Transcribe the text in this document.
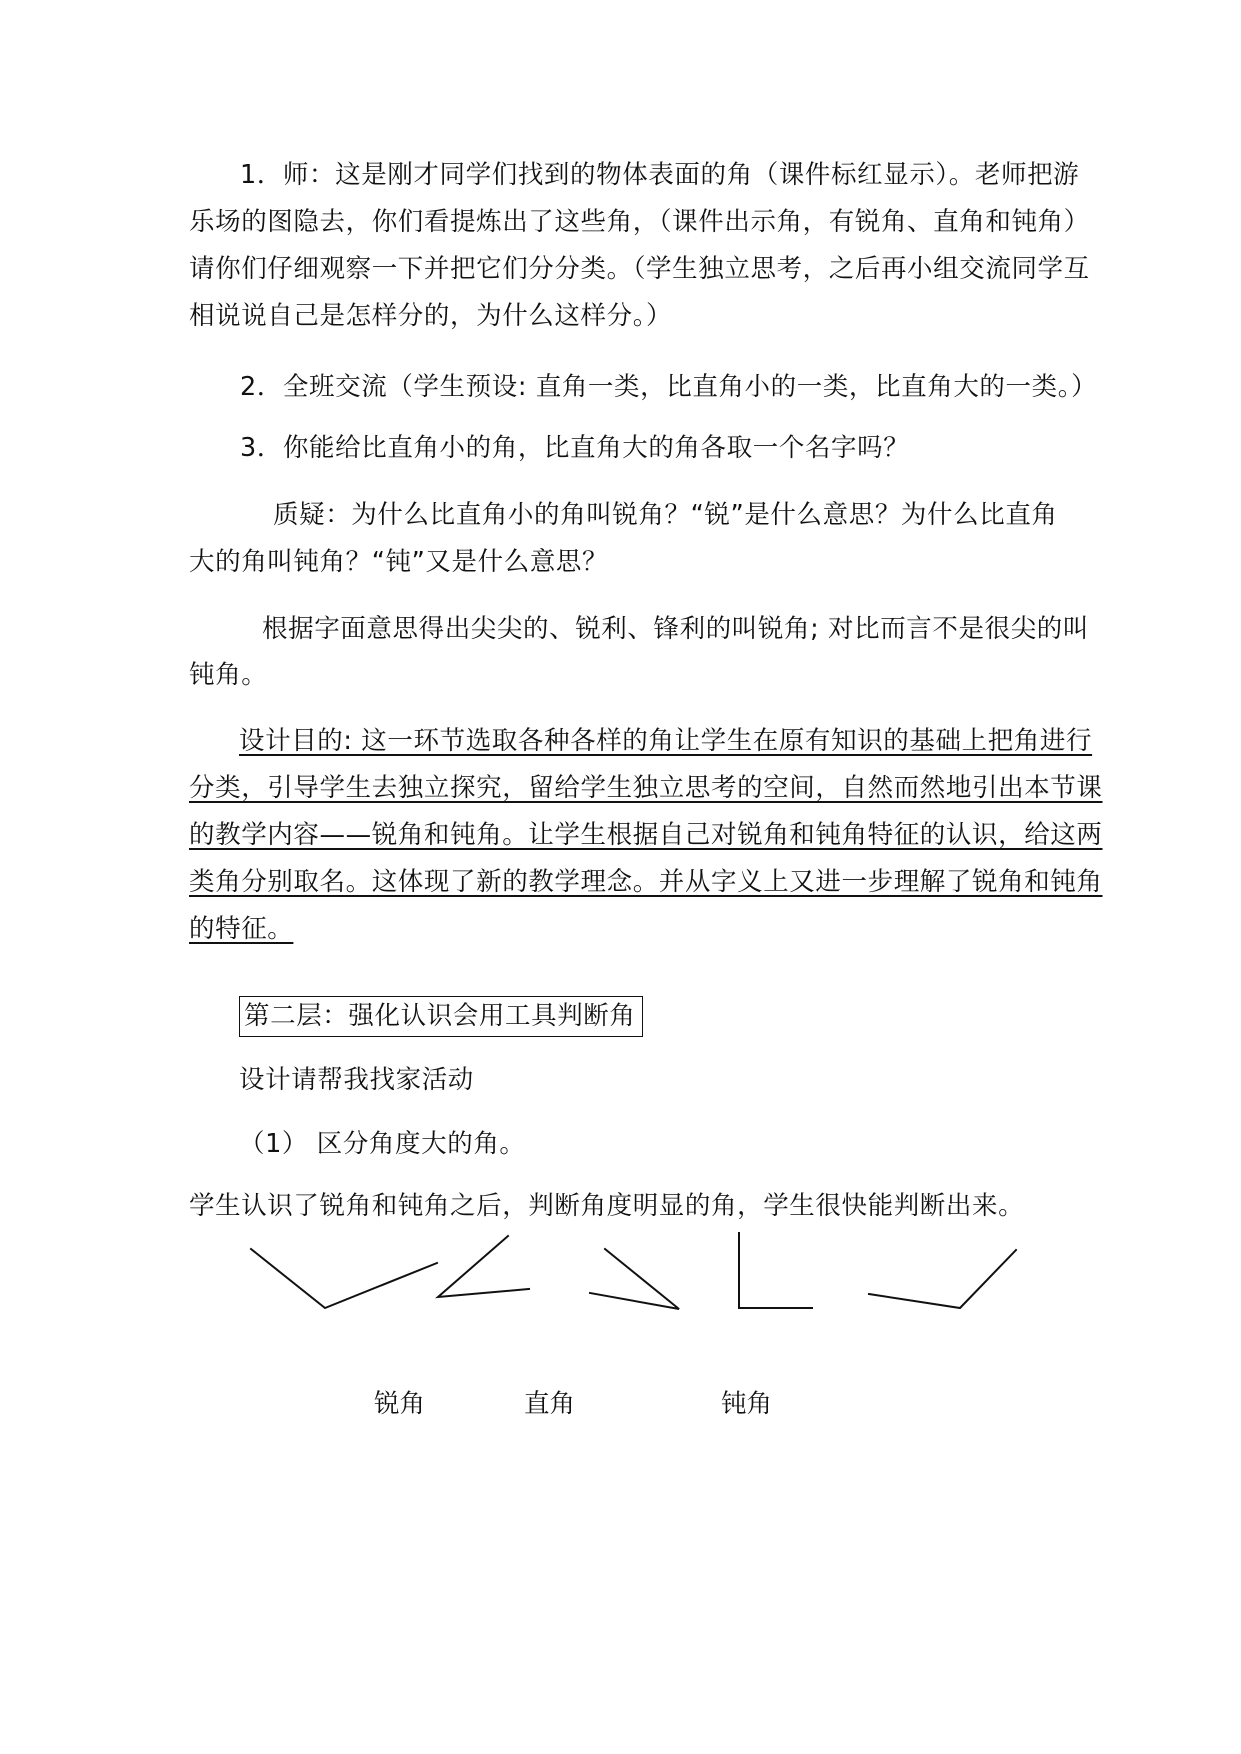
1．师：这是刚才同学们找到的物体表面的角（课件标红显示）。老师把游
乐场的图隐去，你们看提炼出了这些角，（课件出示角，有锐角、直角和钝角）
请你们仔细观察一下并把它们分分类。（学生独立思考，之后再小组交流同学互
相说说自己是怎样分的，为什么这样分。）
2．全班交流（学生预设: 直角一类，比直角小的一类，比直角大的一类。）
3．你能给比直角小的角，比直角大的角各取一个名字吗？
质疑：为什么比直角小的角叫锐角？“锐”是什么意思？为什么比直角
大的角叫钝角？“钝”又是什么意思？
根据字面意思得出尖尖的、锐利、锋利的叫锐角; 对比而言不是很尖的叫
钝角。
设计目的: 这一环节选取各种各样的角让学生在原有知识的基础上把角进行
分类，引导学生去独立探究，留给学生独立思考的空间，自然而然地引出本节课
的教学内容——锐角和钝角。让学生根据自己对锐角和钝角特征的认识，给这两
类角分别取名。这体现了新的教学理念。并从字义上又进一步理解了锐角和钝角
的特征。
第二层：强化认识会用工具判断角
设计请帮我找家活动
（1） 区分角度大的角。
学生认识了锐角和钝角之后，判断角度明显的角，学生很快能判断出来。
锐角	直角	钝角
